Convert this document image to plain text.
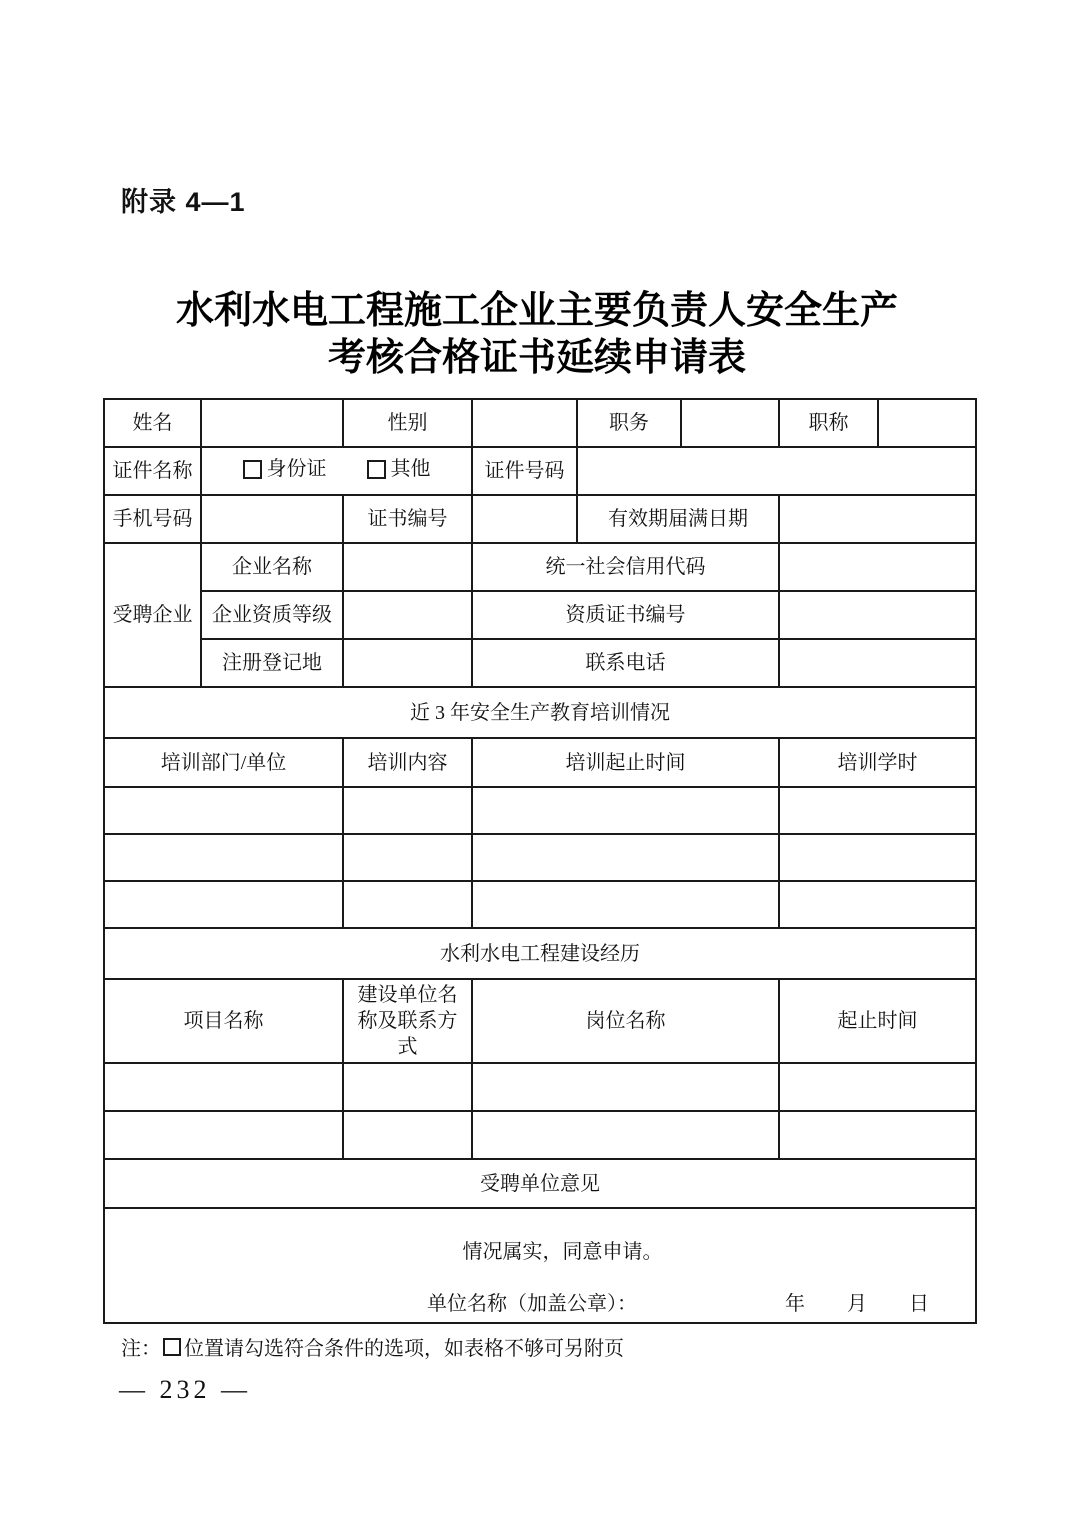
附录 4—1
水利水电工程施工企业主要负责人安全生产
考核合格证书延续申请表
姓名		性别		职务		职称	
证件名称	身份证 其他		证件号码				
手机号码		证书编号		有效期届满日期			
受聘企业	企业名称		统一社会信用代码				
	企业资质等级		资质证书编号				
	注册登记地		联系电话				
近 3 年安全生产教育培训情况							
培训部门/单位		培训内容	培训起止时间			培训学时	

水利水电工程建设经历							
项目名称		建设单位名称及联系方式	岗位名称			起止时间	

受聘单位意见							

情况属实，同意申请。
单位名称（加盖公章）： 年 月 日							
注： 位置请勾选符合条件的选项，如表格不够可另附页
— 232 —
